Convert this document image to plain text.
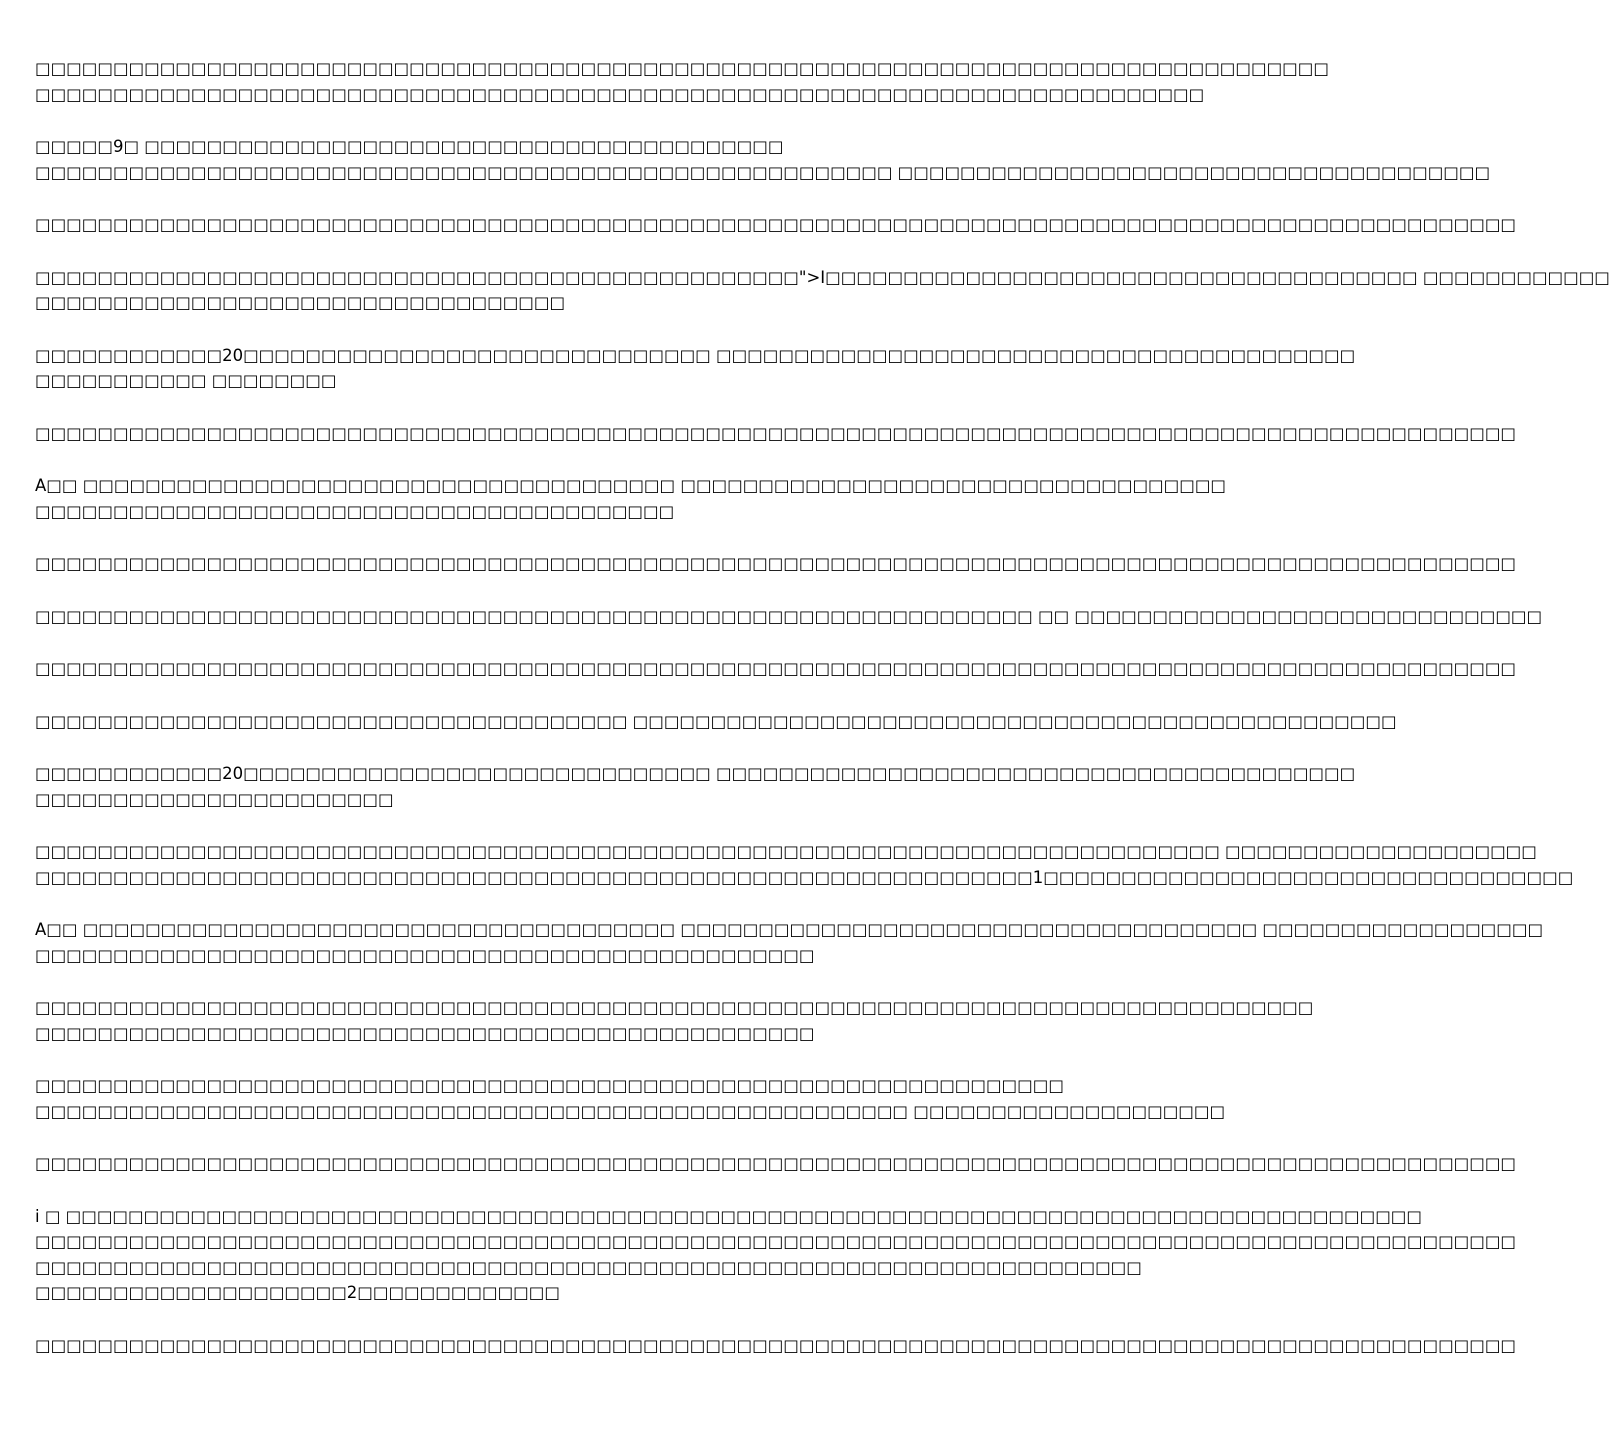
□□□□□□□□□□□□□□□□□□□□□□□□□□□□□□□□□□□□□□□□□□□□□□□□□□□□□□□□□□□□□□□□□□□□□□□□□□□□□□□□□□□
□□□□□□□□□□□□□□□□□□□□□□□□□□□□□□□□□□□□□□□□□□□□□□□□□□□□□□□□□□□□□□□□□□□□□□□□□□□
□□□□□9□ □□□□□□□□□□□□□□□□□□□□□□□□□□□□□□□□□□□□□□□□□
□□□□□□□□□□□□□□□□□□□□□□□□□□□□□□□□□□□□□□□□□□□□□□□□□□□□□□□ □□□□□□□□□□□□□□□□□□□□□□□□□□□□□□□□□□□□□□
□□□□□□□□□□□□□□□□□□□□□□□□□□□□□□□□□□□□□□□□□□□□□□□□□□□□□□□□□□□□□□□□□□□□□□□□□□□□□□□□□□□□□□□□□□□□□□□
□□□□□□□□□□□□□□□□□□□□□□□□□□□□□□□□□□□□□□□□□□□□□□□□□">I□□□□□□□□□□□□□□□□□□□□□□□□□□□□□□□□□□□□□□ □□□□□□□□□□□□
□□□□□□□□□□□□□□□□□□□□□□□□□□□□□□□□□□
□□□□□□□□□□□□20□□□□□□□□□□□□□□□□□□□□□□□□□□□□□□ □□□□□□□□□□□□□□□□□□□□□□□□□□□□□□□□□□□□□□□□□
□□□□□□□□□□□ □□□□□□□□
□□□□□□□□□□□□□□□□□□□□□□□□□□□□□□□□□□□□□□□□□□□□□□□□□□□□□□□□□□□□□□□□□□□□□□□□□□□□□□□□□□□□□□□□□□□□□□□
A□□ □□□□□□□□□□□□□□□□□□□□□□□□□□□□□□□□□□□□□□ □□□□□□□□□□□□□□□□□□□□□□□□□□□□□□□□□□□
□□□□□□□□□□□□□□□□□□□□□□□□□□□□□□□□□□□□□□□□□
□□□□□□□□□□□□□□□□□□□□□□□□□□□□□□□□□□□□□□□□□□□□□□□□□□□□□□□□□□□□□□□□□□□□□□□□□□□□□□□□□□□□□□□□□□□□□□□
□□□□□□□□□□□□□□□□□□□□□□□□□□□□□□□□□□□□□□□□□□□□□□□□□□□□□□□□□□□□□□□□ □□ □□□□□□□□□□□□□□□□□□□□□□□□□□□□□□
□□□□□□□□□□□□□□□□□□□□□□□□□□□□□□□□□□□□□□□□□□□□□□□□□□□□□□□□□□□□□□□□□□□□□□□□□□□□□□□□□□□□□□□□□□□□□□□
□□□□□□□□□□□□□□□□□□□□□□□□□□□□□□□□□□□□□□ □□□□□□□□□□□□□□□□□□□□□□□□□□□□□□□□□□□□□□□□□□□□□□□□□
□□□□□□□□□□□□20□□□□□□□□□□□□□□□□□□□□□□□□□□□□□□ □□□□□□□□□□□□□□□□□□□□□□□□□□□□□□□□□□□□□□□□□
□□□□□□□□□□□□□□□□□□□□□□□
□□□□□□□□□□□□□□□□□□□□□□□□□□□□□□□□□□□□□□□□□□□□□□□□□□□□□□□□□□□□□□□□□□□□□□□□□□□□ □□□□□□□□□□□□□□□□□□□□
□□□□□□□□□□□□□□□□□□□□□□□□□□□□□□□□□□□□□□□□□□□□□□□□□□□□□□□□□□□□□□□□1□□□□□□□□□□□□□□□□□□□□□□□□□□□□□□□□□□
A□□ □□□□□□□□□□□□□□□□□□□□□□□□□□□□□□□□□□□□□□ □□□□□□□□□□□□□□□□□□□□□□□□□□□□□□□□□□□□□ □□□□□□□□□□□□□□□□□□
□□□□□□□□□□□□□□□□□□□□□□□□□□□□□□□□□□□□□□□□□□□□□□□□□□
□□□□□□□□□□□□□□□□□□□□□□□□□□□□□□□□□□□□□□□□□□□□□□□□□□□□□□□□□□□□□□□□□□□□□□□□□□□□□□□□□□
□□□□□□□□□□□□□□□□□□□□□□□□□□□□□□□□□□□□□□□□□□□□□□□□□□
□□□□□□□□□□□□□□□□□□□□□□□□□□□□□□□□□□□□□□□□□□□□□□□□□□□□□□□□□□□□□□□□□□
□□□□□□□□□□□□□□□□□□□□□□□□□□□□□□□□□□□□□□□□□□□□□□□□□□□□□□□□ □□□□□□□□□□□□□□□□□□□□
□□□□□□□□□□□□□□□□□□□□□□□□□□□□□□□□□□□□□□□□□□□□□□□□□□□□□□□□□□□□□□□□□□□□□□□□□□□□□□□□□□□□□□□□□□□□□□□
i □ □□□□□□□□□□□□□□□□□□□□□□□□□□□□□□□□□□□□□□□□□□□□□□□□□□□□□□□□□□□□□□□□□□□□□□□□□□□□□□□□□□□□□□□
□□□□□□□□□□□□□□□□□□□□□□□□□□□□□□□□□□□□□□□□□□□□□□□□□□□□□□□□□□□□□□□□□□□□□□□□□□□□□□□□□□□□□□□□□□□□□□□
□□□□□□□□□□□□□□□□□□□□□□□□□□□□□□□□□□□□□□□□□□□□□□□□□□□□□□□□□□□□□□□□□□□□□□□
□□□□□□□□□□□□□□□□□□□□2□□□□□□□□□□□□□
□□□□□□□□□□□□□□□□□□□□□□□□□□□□□□□□□□□□□□□□□□□□□□□□□□□□□□□□□□□□□□□□□□□□□□□□□□□□□□□□□□□□□□□□□□□□□□□
